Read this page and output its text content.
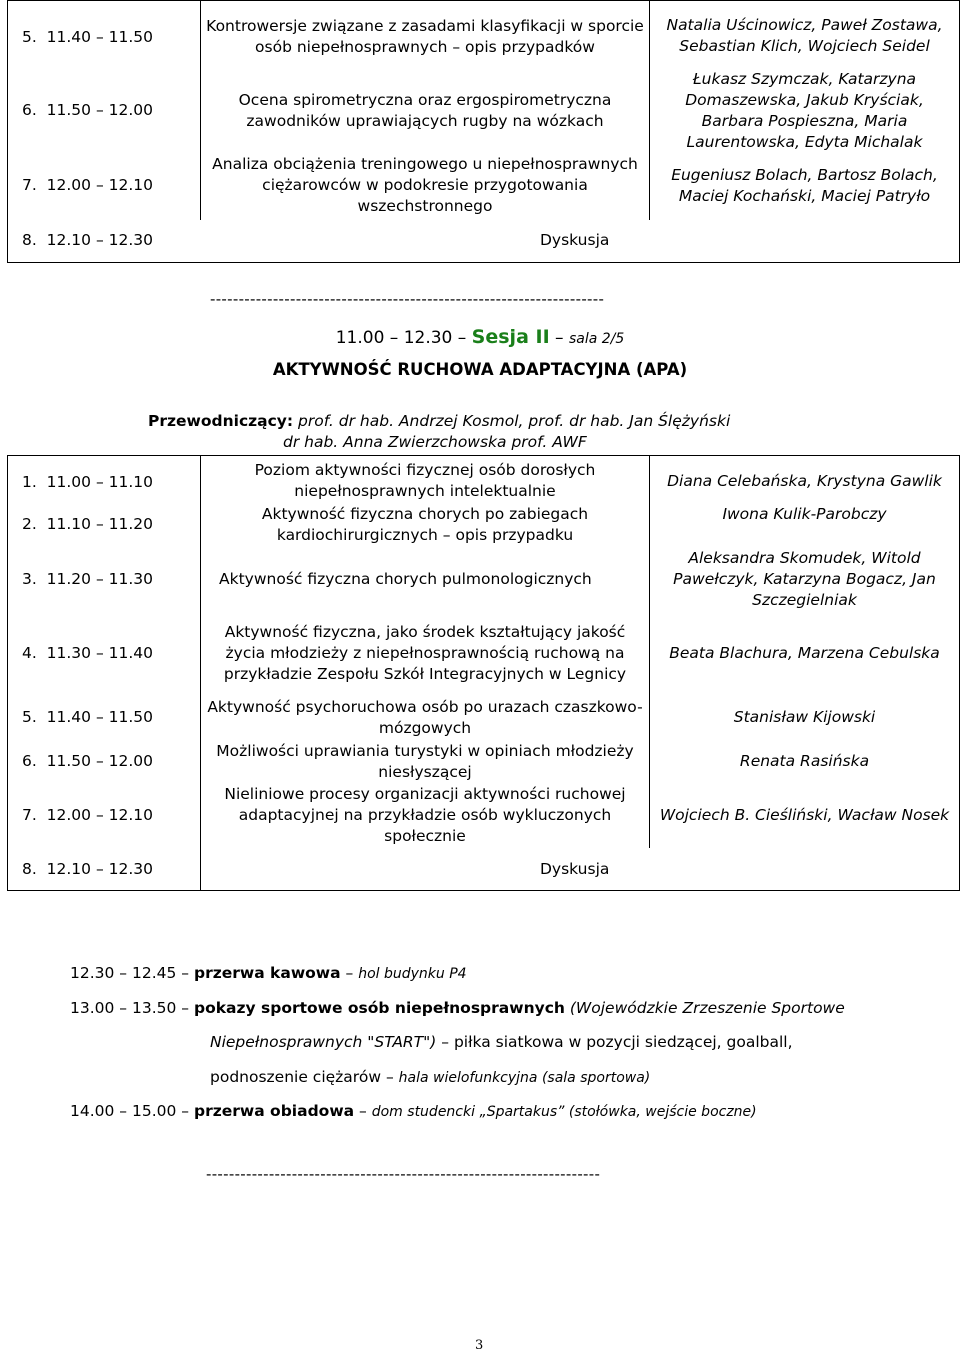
5. 11.40 – 11.50
Kontrowersje związane z zasadami klasyfikacji w sporcie osób niepełnosprawnych – opis przypadków
Natalia Uścinowicz, Paweł Zostawa, Sebastian Klich, Wojciech Seidel
6. 11.50 – 12.00
Ocena spirometryczna oraz ergospirometryczna zawodników uprawiających rugby na wózkach
Łukasz Szymczak, Katarzyna Domaszewska, Jakub Kryściak, Barbara Pospieszna, Maria Laurentowska, Edyta Michalak
7. 12.00 – 12.10
Analiza obciążenia treningowego u niepełnosprawnych ciężarowców w podokresie przygotowania wszechstronnego
Eugeniusz Bolach, Bartosz Bolach, Maciej Kochański, Maciej Patryło
8. 12.10 – 12.30	Dyskusja
---------------------------------------------------------------------
11.00 – 12.30 – Sesja II – sala 2/5
AKTYWNOŚĆ RUCHOWA ADAPTACYJNA (APA)
Przewodniczący: prof. dr hab. Andrzej Kosmol, prof. dr hab. Jan Ślężyński
dr hab. Anna Zwierzchowska prof. AWF
1. 11.00 – 11.10
Poziom aktywności fizycznej osób dorosłych niepełnosprawnych intelektualnie
Diana Celebańska, Krystyna Gawlik
2. 11.10 – 11.20
Aktywność fizyczna chorych po zabiegach kardiochirurgicznych – opis przypadku
Iwona Kulik-Parobczy
3. 11.20 – 11.30	Aktywność fizyczna chorych pulmonologicznych
Aleksandra Skomudek, Witold Pawełczyk, Katarzyna Bogacz, Jan Szczegielniak
4. 11.30 – 11.40
Aktywność fizyczna, jako środek kształtujący jakość życia młodzieży z niepełnosprawnością ruchową na przykładzie Zespołu Szkół Integracyjnych w Legnicy
Beata Blachura, Marzena Cebulska
5. 11.40 – 11.50
Aktywność psychoruchowa osób po urazach czaszkowo-mózgowych
Stanisław Kijowski
6. 11.50 – 12.00
Możliwości uprawiania turystyki w opiniach młodzieży niesłyszącej
Renata Rasińska
7. 12.00 – 12.10
Nieliniowe procesy organizacji aktywności ruchowej adaptacyjnej na przykładzie osób wykluczonych społecznie
Wojciech B. Cieśliński, Wacław Nosek
8. 12.10 – 12.30	Dyskusja
12.30 – 12.45 – przerwa kawowa – hol budynku P4
13.00 – 13.50 – pokazy sportowe osób niepełnosprawnych (Wojewódzkie Zrzeszenie Sportowe
Niepełnosprawnych "START") – piłka siatkowa w pozycji siedzącej, goalball,
podnoszenie ciężarów – hala wielofunkcyjna (sala sportowa)
14.00 – 15.00 – przerwa obiadowa – dom studencki „Spartakus” (stołówka, wejście boczne)
---------------------------------------------------------------------
3
